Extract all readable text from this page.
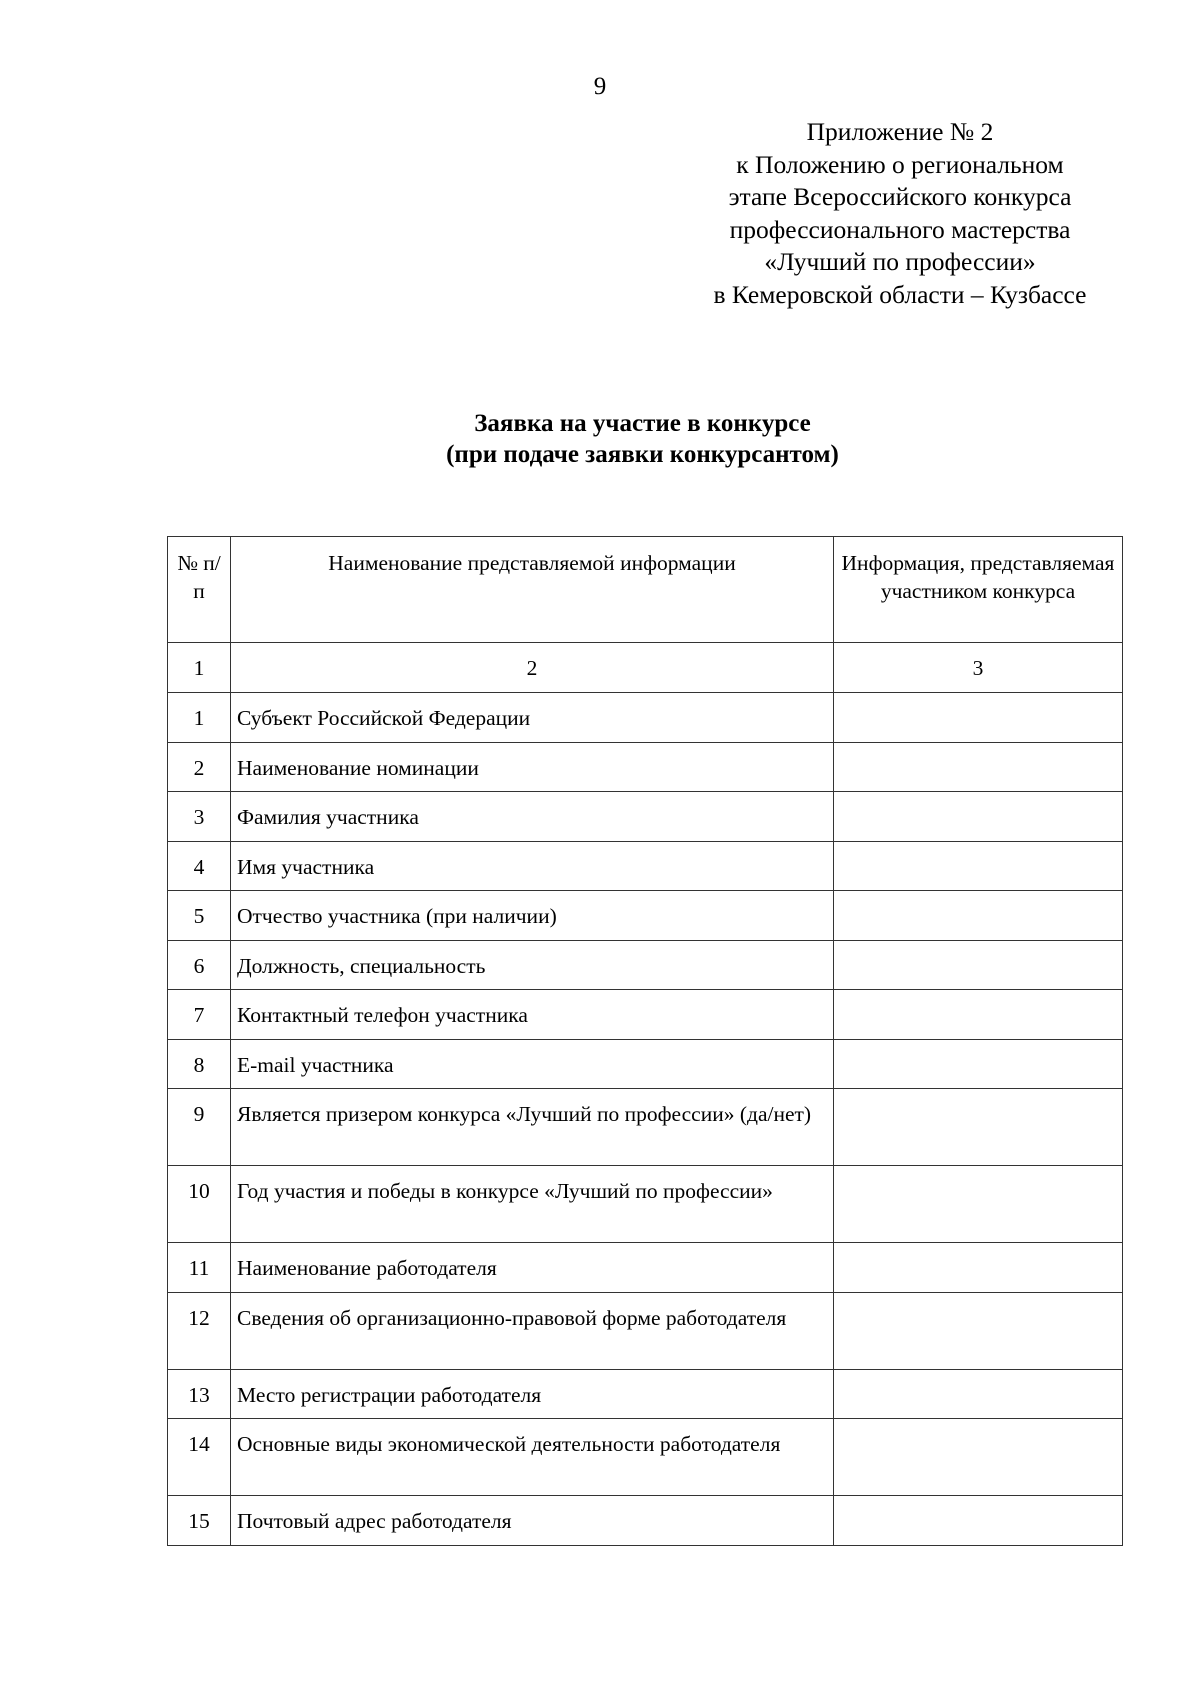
9
Приложение № 2
к Положению о региональном
этапе Всероссийского конкурса
профессионального мастерства
«Лучший по профессии»
в Кемеровской области – Кузбассе
Заявка на участие в конкурсе
(при подаче заявки конкурсантом)
№ п/п	Наименование представляемой информации	Информация, представляемая участником конкурса
1	2	3
1	Субъект Российской Федерации	
2	Наименование номинации	
3	Фамилия участника	
4	Имя участника	
5	Отчество участника (при наличии)	
6	Должность, специальность	
7	Контактный телефон участника	
8	E-mail участника	
9	Является призером конкурса «Лучший по профессии» (да/нет)	
10	Год участия и победы в конкурсе «Лучший по профессии»	
11	Наименование работодателя	
12	Сведения об организационно-правовой форме работодателя	
13	Место регистрации работодателя	
14	Основные виды экономической деятельности работодателя	
15	Почтовый адрес работодателя	
